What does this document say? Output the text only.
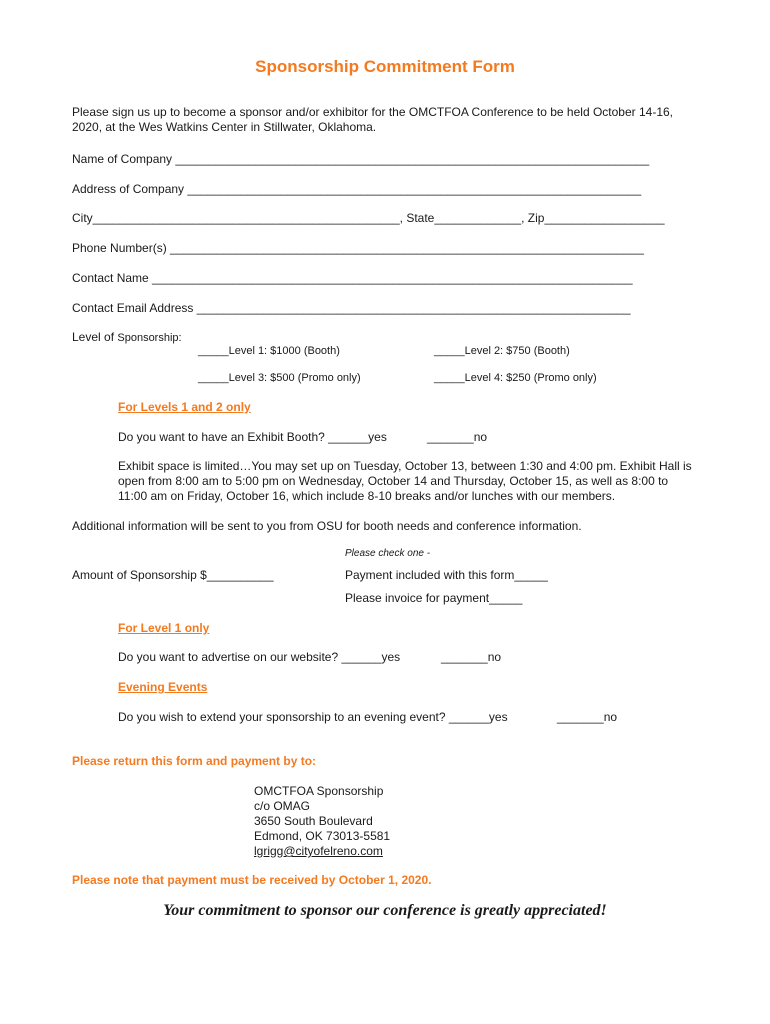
Sponsorship Commitment Form
Please sign us up to become a sponsor and/or exhibitor for the OMCTFOA Conference to be held October 14-16, 2020, at the Wes Watkins Center in Stillwater, Oklahoma.
Name of Company _______________________________________________________________________
Address of Company ____________________________________________________________________
City______________________________________________, State_____________, Zip__________________
Phone Number(s) _______________________________________________________________________
Contact Name ________________________________________________________________________
Contact Email Address _________________________________________________________________
Level of Sponsorship:
_____Level 1: $1000 (Booth)	_____Level 2: $750 (Booth)
_____Level 3: $500 (Promo only)	_____Level 4: $250 (Promo only)
For Levels 1 and 2 only
Do you want to have an Exhibit Booth? ______yes	_______no
Exhibit space is limited…You may set up on Tuesday, October 13, between 1:30 and 4:00 pm. Exhibit Hall is open from 8:00 am to 5:00 pm on Wednesday, October 14 and Thursday, October 15, as well as 8:00 to 11:00 am on Friday, October 16, which include 8-10 breaks and/or lunches with our members.
Additional information will be sent to you from OSU for booth needs and conference information.
Please check one -
Amount of Sponsorship $__________	Payment included with this form_____
Please invoice for payment_____
For Level 1 only
Do you want to advertise on our website? ______yes	_______no
Evening Events
Do you wish to extend your sponsorship to an evening event? ______yes	_______no
Please return this form and payment by to:
OMCTFOA Sponsorship
c/o OMAG
3650 South Boulevard
Edmond, OK 73013-5581
lgrigg@cityofelreno.com
Please note that payment must be received by October 1, 2020.
Your commitment to sponsor our conference is greatly appreciated!
